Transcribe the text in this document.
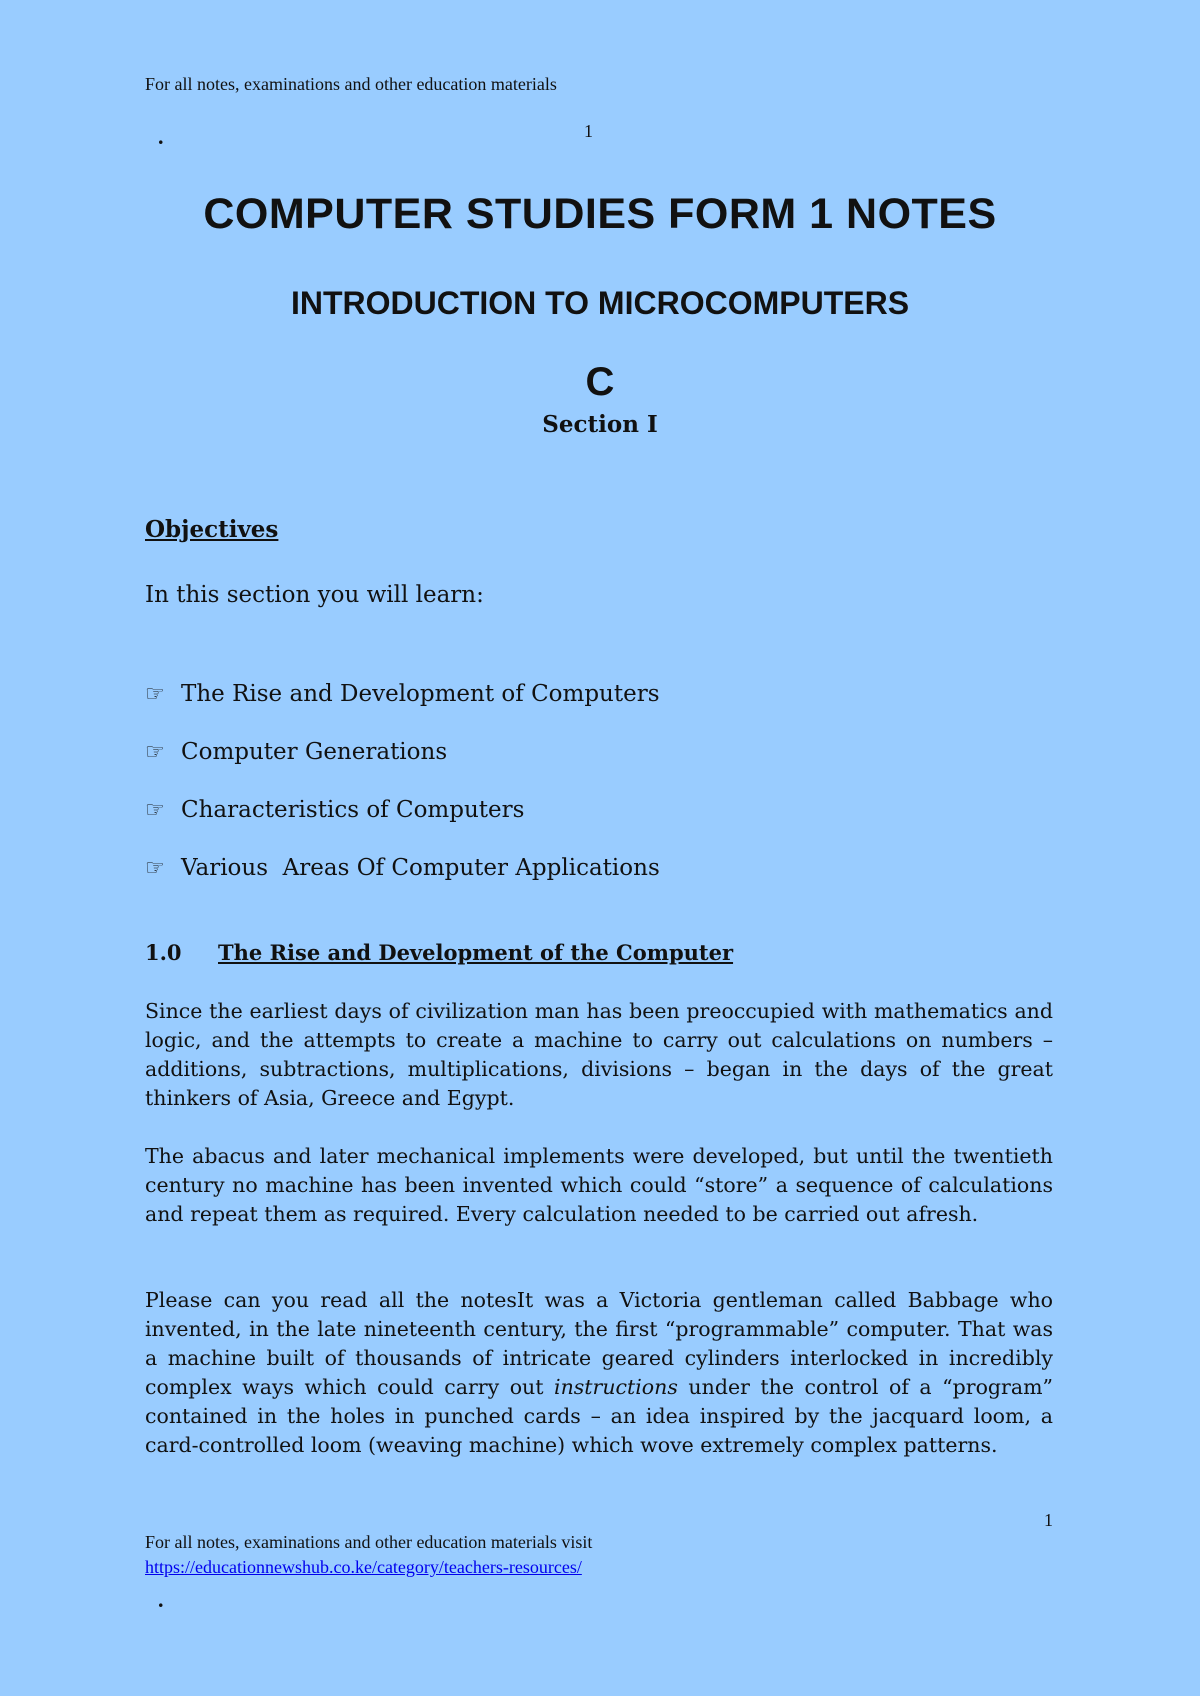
For all notes, examinations and other education materials
.	1
COMPUTER STUDIES FORM 1 NOTES
INTRODUCTION TO MICROCOMPUTERS
C
Section I
Objectives
In this section you will learn:
☞ The Rise and Development of Computers
☞ Computer Generations
☞ Characteristics of Computers
☞ Various  Areas Of Computer Applications
1.0	The Rise and Development of the Computer

Since the earliest days of civilization man has been preoccupied with mathematics and logic, and the attempts to create a machine to carry out calculations on numbers – additions, subtractions, multiplications, divisions – began in the days of the great thinkers of Asia, Greece and Egypt.

The abacus and later mechanical implements were developed, but until the twentieth century no machine has been invented which could “store” a sequence of calculations and repeat them as required. Every calculation needed to be carried out afresh.

Please can you read all the notesIt was a Victoria gentleman called Babbage who invented, in the late nineteenth century, the first “programmable” computer. That was a machine built of thousands of intricate geared cylinders interlocked in incredibly complex ways which could carry out instructions under the control of a “program” contained in the holes in punched cards – an idea inspired by the jacquard loom, a card-controlled loom (weaving machine) which wove extremely complex patterns.

1
For all notes, examinations and other education materials visit
https://educationnewshub.co.ke/category/teachers-resources/
.
